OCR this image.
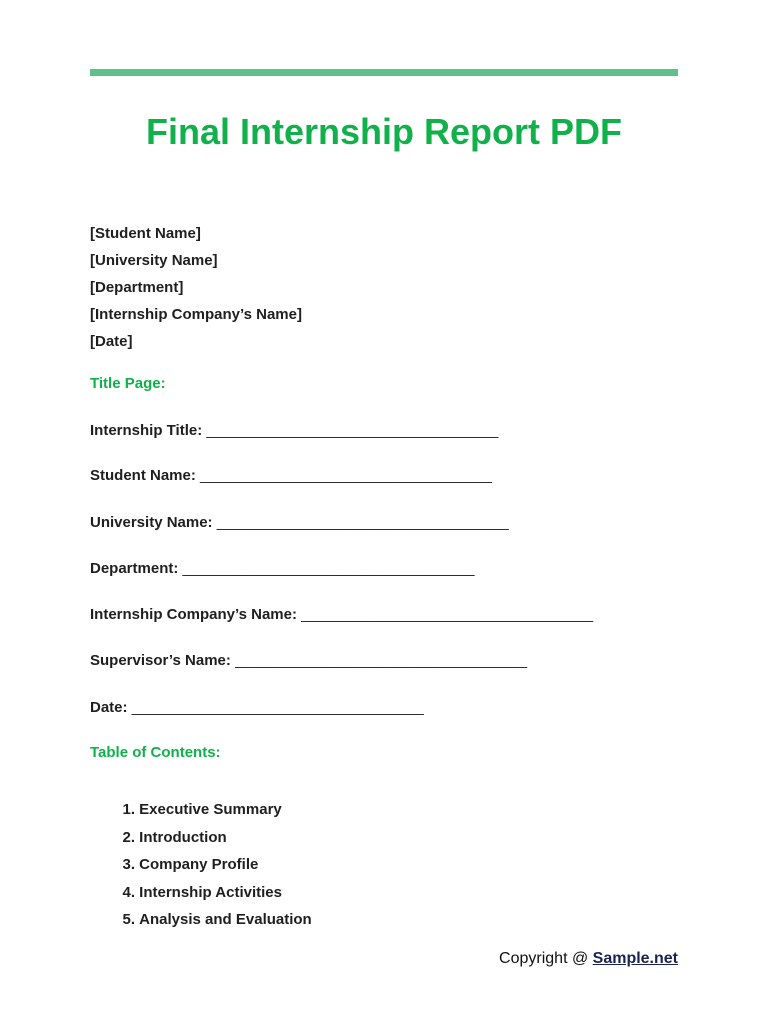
Final Internship Report PDF
[Student Name]
[University Name]
[Department]
[Internship Company’s Name]
[Date]
Title Page:
Internship Title: ___________________________________
Student Name: ___________________________________
University Name: ___________________________________
Department: ___________________________________
Internship Company’s Name: ___________________________________
Supervisor’s Name: ___________________________________
Date: ___________________________________
Table of Contents:
1. Executive Summary
2. Introduction
3. Company Profile
4. Internship Activities
5. Analysis and Evaluation
Copyright @ Sample.net
